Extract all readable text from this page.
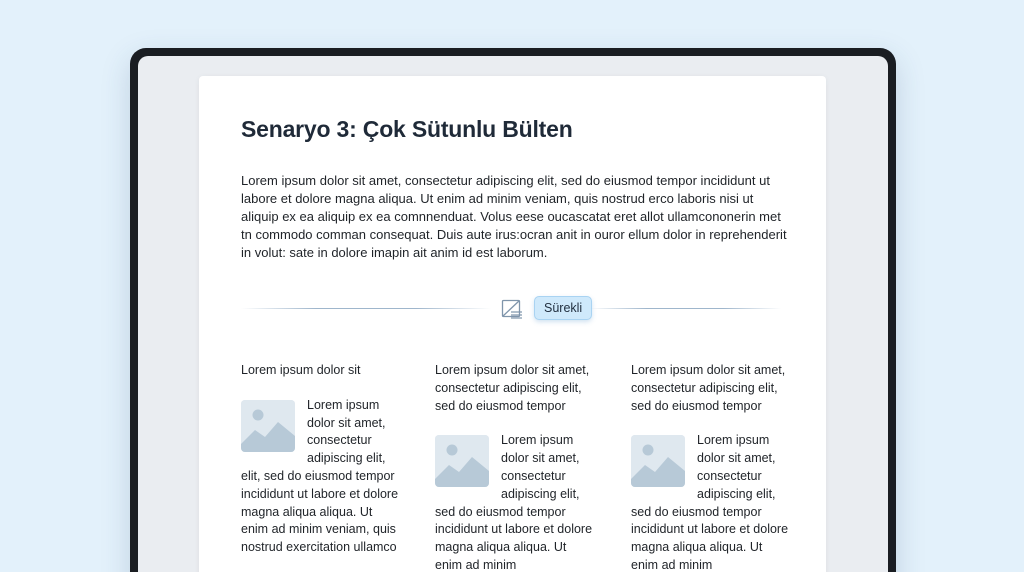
Senaryo 3: Çok Sütunlu Bülten

Lorem ipsum dolor sit amet, consectetur adipiscing elit, sed do eiusmod tempor incididunt ut labore et dolore magna aliqua. Ut enim ad minim veniam, quis nostrud erco laboris nisi ut aliquip ex ea aliquip ex ea comnnenduat. Volus eese oucascatat eret allot ullamcononerin met tn commodo comman consequat. Duis aute irus:ocran anit in ouror ellum dolor in reprehenderit in volut: sate in dolore imapin ait anim id est laborum.

Sürekli

Lorem ipsum dolor sit

Lorem ipsum dolor sit amet, consectetur adipiscing elit, elit, sed do eiusmod tempor incididunt ut labore et dolore magna aliqua aliqua. Ut enim ad minim veniam, quis nostrud exercitation ullamco

Lorem ipsum dolor sit amet, consectetur adipiscing elit, sed do eiusmod tempor

Lorem ipsum dolor sit amet, consectetur adipiscing elit, sed do eiusmod tempor incididunt ut labore et dolore magna aliqua aliqua. Ut enim ad minim

Lorem ipsum dolor sit amet, consectetur adipiscing elit, sed do eiusmod tempor

Lorem ipsum dolor sit amet, consectetur adipiscing elit, sed do eiusmod tempor incididunt ut labore et dolore magna aliqua aliqua. Ut enim ad minim
